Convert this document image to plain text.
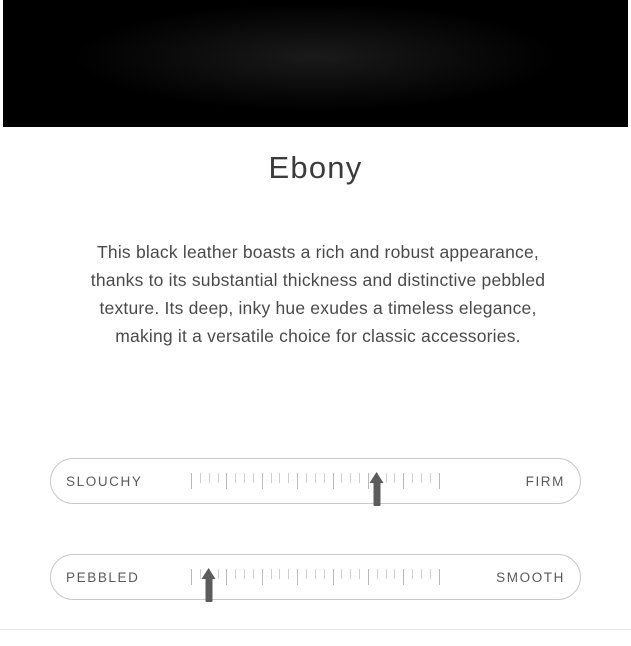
Ebony
This black leather boasts a rich and robust appearance, thanks to its substantial thickness and distinctive pebbled texture. Its deep, inky hue exudes a timeless elegance, making it a versatile choice for classic accessories.
SLOUCHY	FIRM
PEBBLED	SMOOTH
